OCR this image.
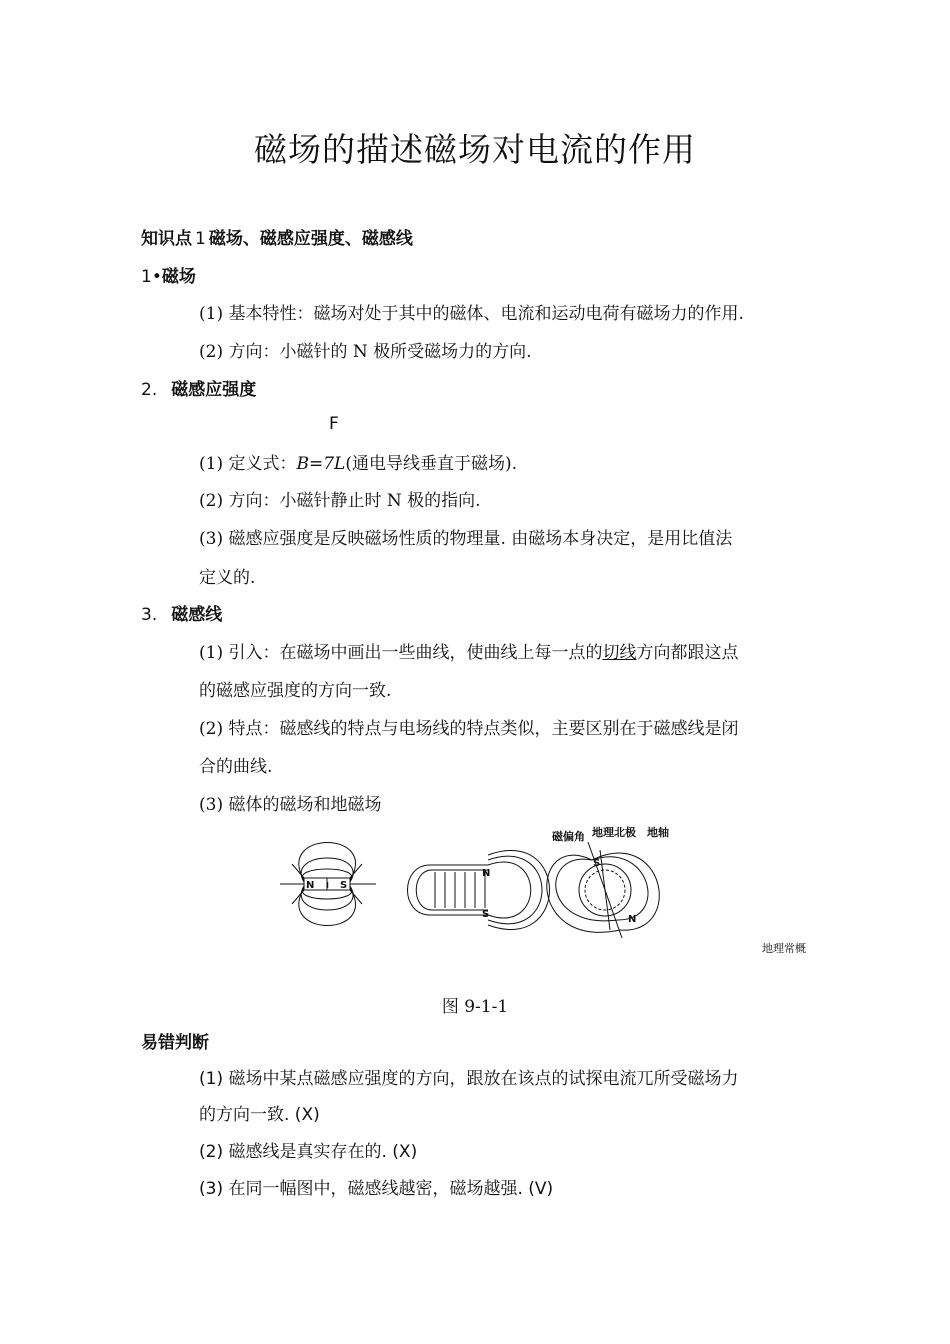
磁场的描述磁场对电流的作用
知识点 1 磁场、磁感应强度、磁感线
1•磁场
(1) 基本特性：磁场对处于其中的磁体、电流和运动电荷有磁场力的作用.
(2) 方向：小磁针的 N 极所受磁场力的方向.
2. 磁感应强度
F
(1) 定义式：B=7L(通电导线垂直于磁场).
(2) 方向：小磁针静止时 N 极的指向.
(3) 磁感应强度是反映磁场性质的物理量. 由磁场本身决定，是用比值法
定义的.
3. 磁感线
(1) 引入：在磁场中画出一些曲线，使曲线上每一点的切线方向都跟这点
的磁感应强度的方向一致.
(2) 特点：磁感线的特点与电场线的特点类似，主要区别在于磁感线是闭
合的曲线.
(3) 磁体的磁场和地磁场
N I S
N
S
S
N
磁偏角 地理北极 地轴
地理常概
图 9-1-1
易错判断
(1) 磁场中某点磁感应强度的方向，跟放在该点的试探电流兀所受磁场力
的方向一致. (X)
(2) 磁感线是真实存在的. (X)
(3) 在同一幅图中，磁感线越密，磁场越强. (V)
